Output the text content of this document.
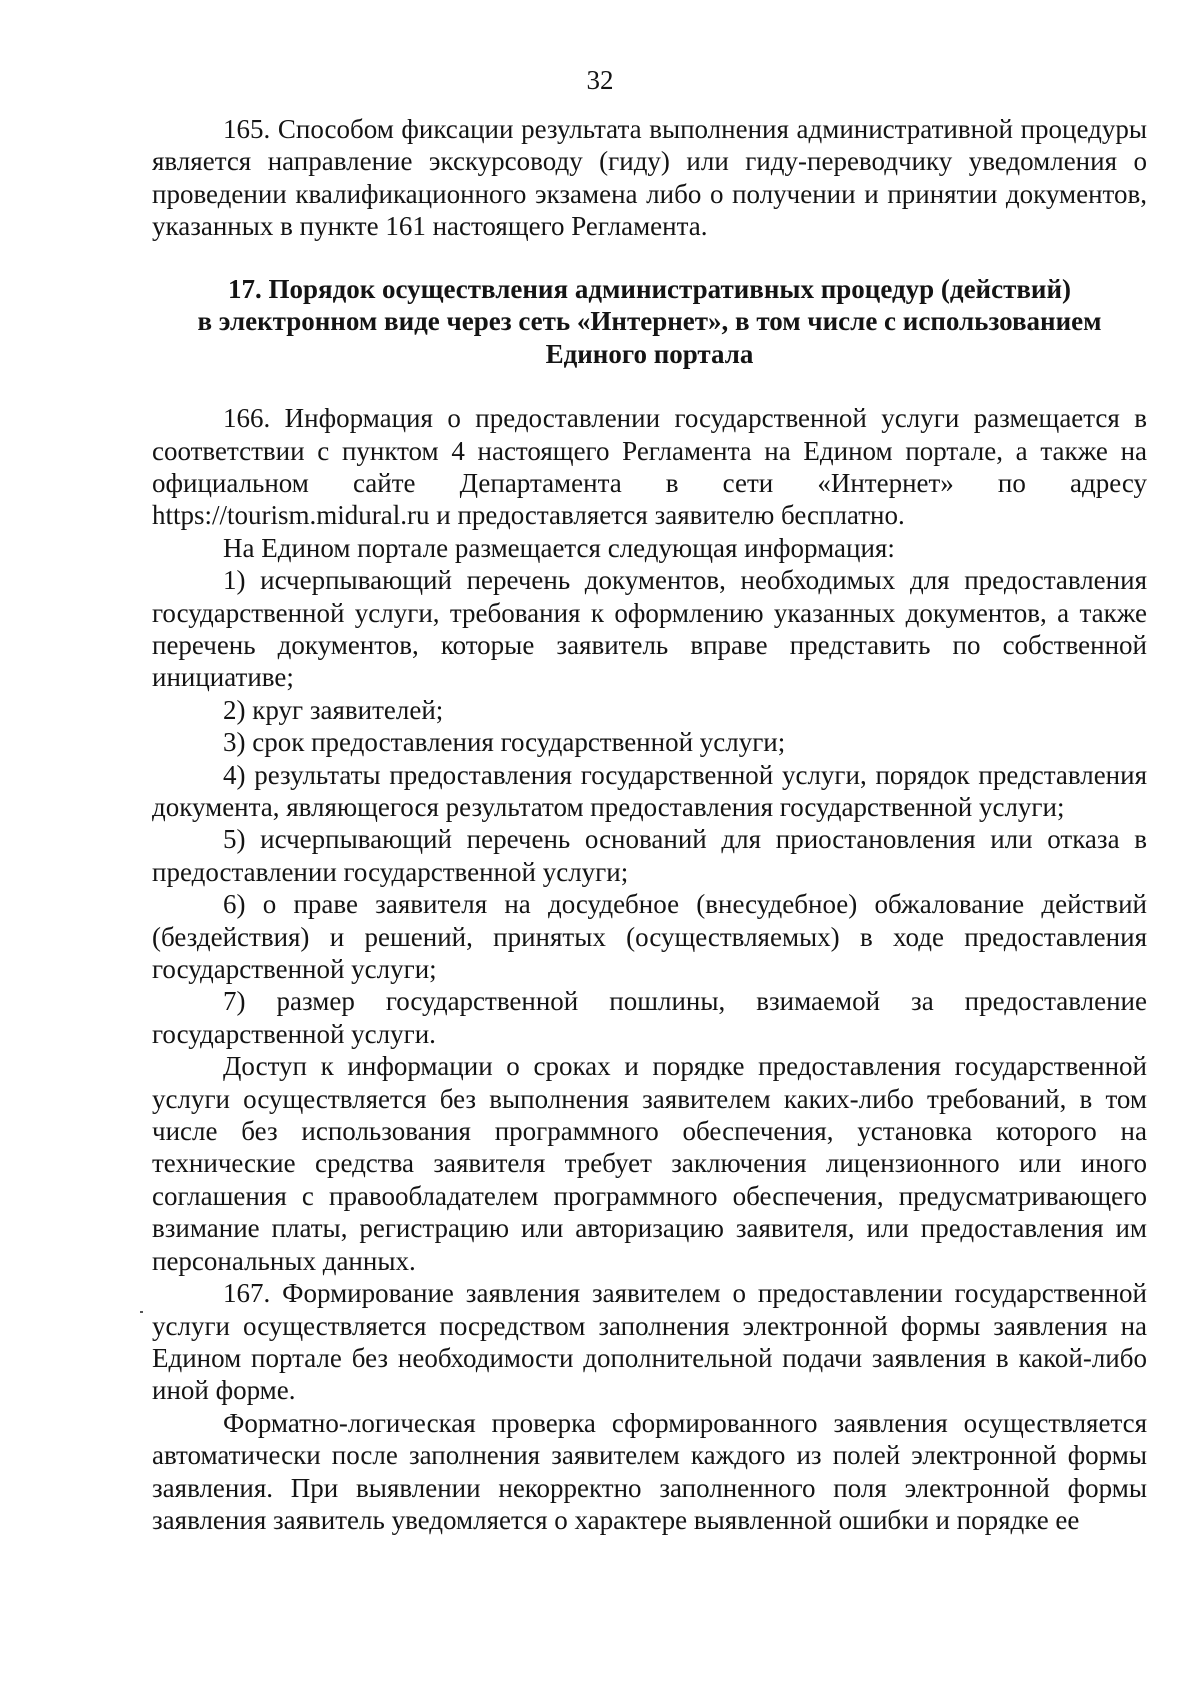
32

165. Способом фиксации результата выполнения административной процедуры является направление экскурсоводу (гиду) или гиду-переводчику уведомления о проведении квалификационного экзамена либо о получении и принятии документов, указанных в пункте 161 настоящего Регламента.

17. Порядок осуществления административных процедур (действий)
в электронном виде через сеть «Интернет», в том числе с использованием
Единого портала

166. Информация о предоставлении государственной услуги размещается в соответствии с пунктом 4 настоящего Регламента на Едином портале, а также на официальном сайте Департамента в сети «Интернет» по адресу https://tourism.midural.ru и предоставляется заявителю бесплатно.

На Едином портале размещается следующая информация:

1) исчерпывающий перечень документов, необходимых для предоставления государственной услуги, требования к оформлению указанных документов, а также перечень документов, которые заявитель вправе представить по собственной инициативе;

2) круг заявителей;

3) срок предоставления государственной услуги;

4) результаты предоставления государственной услуги, порядок представления документа, являющегося результатом предоставления государственной услуги;

5) исчерпывающий перечень оснований для приостановления или отказа в предоставлении государственной услуги;

6) о праве заявителя на досудебное (внесудебное) обжалование действий (бездействия) и решений, принятых (осуществляемых) в ходе предоставления государственной услуги;

7) размер государственной пошлины, взимаемой за предоставление государственной услуги.

Доступ к информации о сроках и порядке предоставления государственной услуги осуществляется без выполнения заявителем каких-либо требований, в том числе без использования программного обеспечения, установка которого на технические средства заявителя требует заключения лицензионного или иного соглашения с правообладателем программного обеспечения, предусматривающего взимание платы, регистрацию или авторизацию заявителя, или предоставления им персональных данных.

167. Формирование заявления заявителем о предоставлении государственной услуги осуществляется посредством заполнения электронной формы заявления на Едином портале без необходимости дополнительной подачи заявления в какой-либо иной форме.

Форматно-логическая проверка сформированного заявления осуществляется автоматически после заполнения заявителем каждого из полей электронной формы заявления. При выявлении некорректно заполненного поля электронной формы заявления заявитель уведомляется о характере выявленной ошибки и порядке ее
